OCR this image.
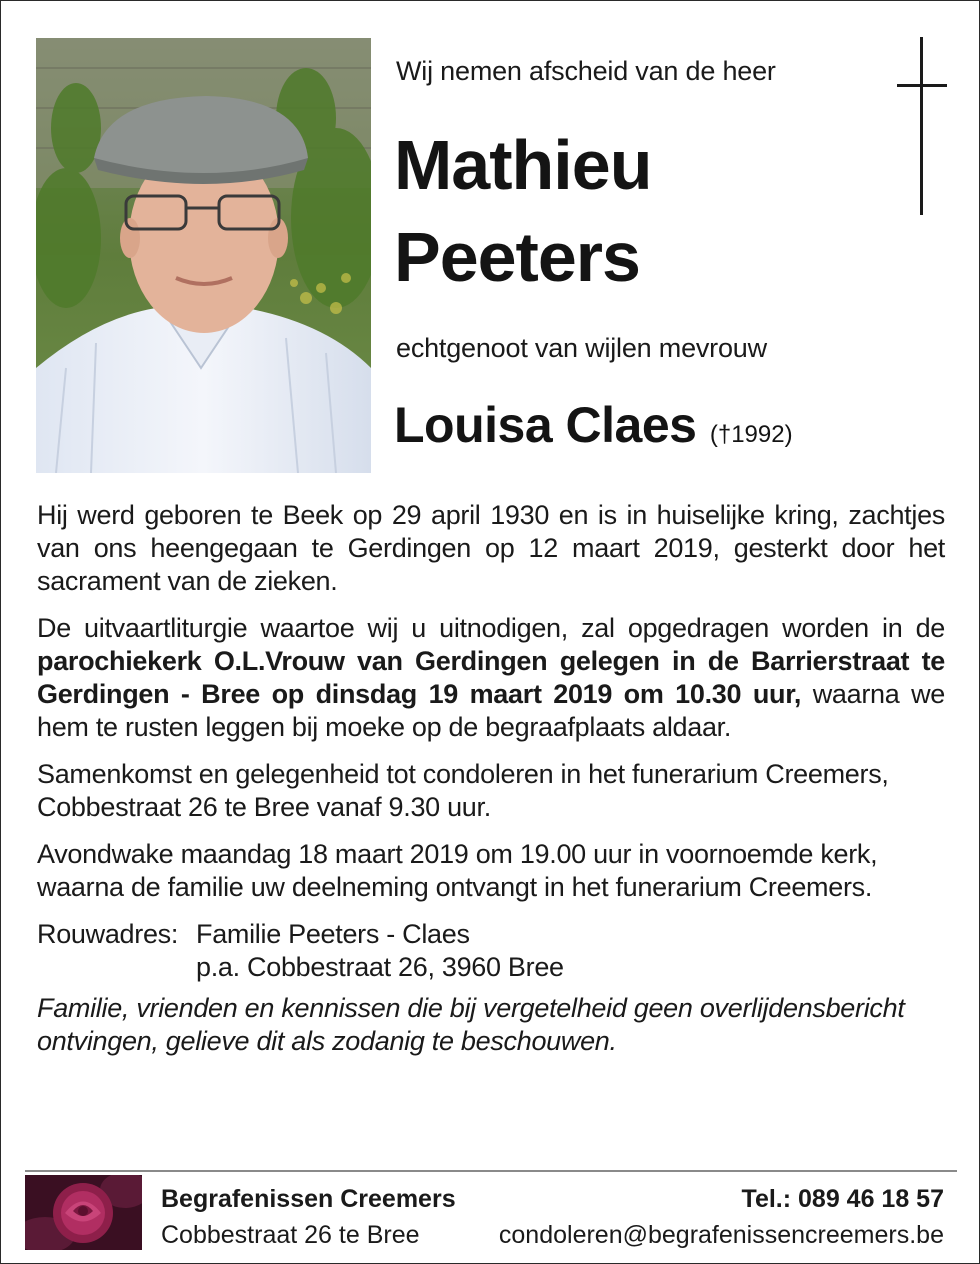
Wij nemen afscheid van de heer
Mathieu
Peeters
echtgenoot van wijlen mevrouw
Louisa Claes (†1992)

Hij werd geboren te Beek op 29 april 1930 en is in huiselijke kring, zachtjes van ons heengegaan te Gerdingen op 12 maart 2019, gesterkt door het sacrament van de zieken.

De uitvaartliturgie waartoe wij u uitnodigen, zal opgedragen worden in de parochiekerk O.L.Vrouw van Gerdingen gelegen in de Barrierstraat te Gerdingen - Bree op dinsdag 19 maart 2019 om 10.30 uur, waarna we hem te rusten leggen bij moeke op de begraafplaats aldaar.

Samenkomst en gelegenheid tot condoleren in het funerarium Creemers, Cobbestraat 26 te Bree vanaf 9.30 uur.

Avondwake maandag 18 maart 2019 om 19.00 uur in voornoemde kerk, waarna de familie uw deelneming ontvangt in het funerarium Creemers.

Rouwadres: Familie Peeters - Claes
p.a. Cobbestraat 26, 3960 Bree

Familie, vrienden en kennissen die bij vergetelheid geen overlijdensbericht ontvingen, gelieve dit als zodanig te beschouwen.

Begrafenissen Creemers
Cobbestraat 26 te Bree
Tel.: 089 46 18 57
condoleren@begrafenissencreemers.be
